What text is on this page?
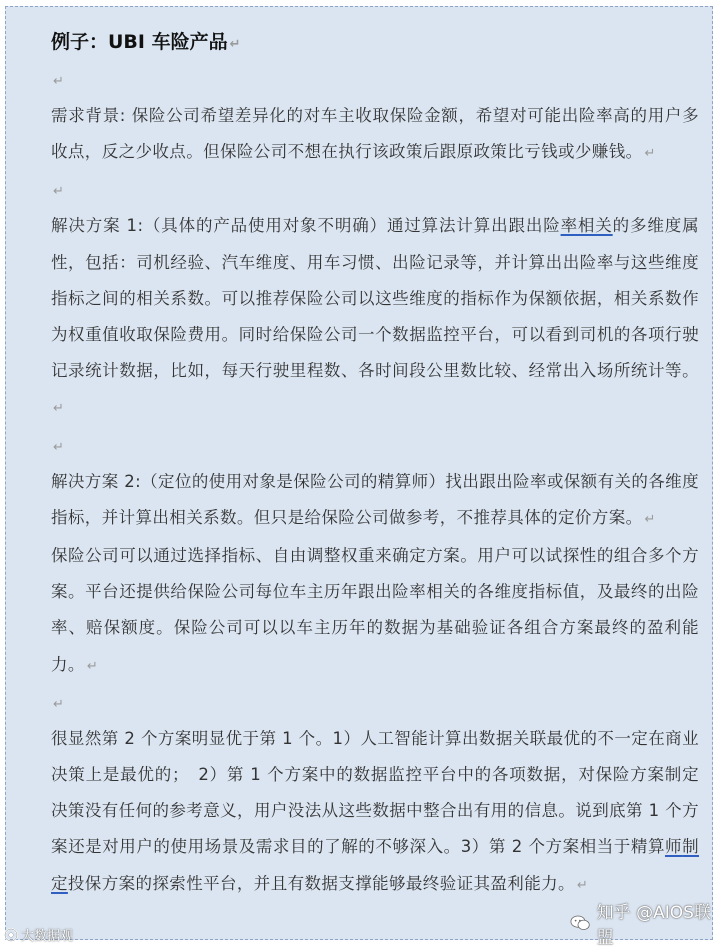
例子：UBI 车险产品 ↵
↵

需求背景: 保险公司希望差异化的对车主收取保险金额，希望对可能出险率高的用户多收点，反之少收点。但保险公司不想在执行该政策后跟原政策比亏钱或少赚钱。 ↵

↵

解决方案 1:（具体的产品使用对象不明确）通过算法计算出跟出险率相关的多维度属性，包括：司机经验、汽车维度、用车习惯、出险记录等，并计算出出险率与这些维度指标之间的相关系数。可以推荐保险公司以这些维度的指标作为保额依据，相关系数作为权重值收取保险费用。同时给保险公司一个数据监控平台，可以看到司机的各项行驶记录统计数据，比如，每天行驶里程数、各时间段公里数比较、经常出入场所统计等。↵

↵

解决方案 2:（定位的使用对象是保险公司的精算师）找出跟出险率或保额有关的各维度指标，并计算出相关系数。但只是给保险公司做参考，不推荐具体的定价方案。 ↵

保险公司可以通过选择指标、自由调整权重来确定方案。用户可以试探性的组合多个方案。平台还提供给保险公司每位车主历年跟出险率相关的各维度指标值，及最终的出险率、赔保额度。保险公司可以以车主历年的数据为基础验证各组合方案最终的盈利能力。 ↵

↵

很显然第 2 个方案明显优于第 1 个。1）人工智能计算出数据关联最优的不一定在商业决策上是最优的；　2）第 1 个方案中的数据监控平台中的各项数据，对保险方案制定决策没有任何的参考意义，用户没法从这些数据中整合出有用的信息。说到底第 1 个方案还是对用户的使用场景及需求目的了解的不够深入。3）第 2 个方案相当于精算师制定投保方案的探索性平台，并且有数据支撑能够最终验证其盈利能力。 ↵

知乎 @AIOS联盟
大数据观
